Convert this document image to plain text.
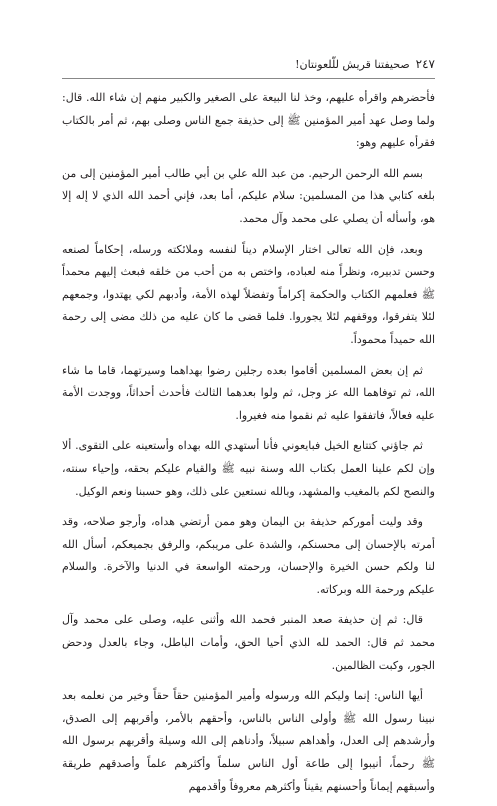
٢٤٧
صحيفتنا قريش للّلعونتان!

فأحضرهم واقرأه عليهم، وخذ لنا البيعة على الصغير والكبير منهم إن شاء الله. قال: ولما وصل عهد أمير المؤمنين ﷺ إلى حذيفة جمع الناس وصلى بهم، ثم أمر بالكتاب فقرأه عليهم وهو:

بسم الله الرحمن الرحيم. من عبد الله علي بن أبي طالب أمير المؤمنين إلى من بلغه كتابي هذا من المسلمين: سلام عليكم، أما بعد، فإني أحمد الله الذي لا إله إلا هو، وأسأله أن يصلي على محمد وآل محمد.

وبعد، فإن الله تعالى اختار الإسلام ديناً لنفسه وملائكته ورسله، إحكاماً لصنعه وحسن تدبيره، ونظراً منه لعباده، واختص به من أحب من خلقه فبعث إليهم محمداً ﷺ فعلمهم الكتاب والحكمة إكراماً وتفضلاً لهذه الأمة، وأدبهم لكي يهتدوا، وجمعهم لئلا يتفرقوا، ووقفهم لئلا يجوروا. فلما قضى ما كان عليه من ذلك مضى إلى رحمة الله حميداً محموداً.

ثم إن بعض المسلمين أقاموا بعده رجلين رضوا بهداهما وسيرتهما، قاما ما شاء الله، ثم توفاهما الله عز وجل، ثم ولوا بعدهما الثالث فأحدث أحداثاً، ووجدت الأمة عليه فعالاً، فاتفقوا عليه ثم نقموا منه فغيروا.

ثم جاؤني كتتابع الخيل فبايعوني فأنا أستهدي الله بهداه وأستعينه على التقوى. ألا وإن لكم علينا العمل بكتاب الله وسنة نبيه ﷺ والقيام عليكم بحقه، وإحياء سنته، والنصح لكم بالمغيب والمشهد، وبالله نستعين على ذلك، وهو حسبنا ونعم الوكيل.

وقد وليت أموركم حذيفة بن اليمان وهو ممن أرتضي هداه، وأرجو صلاحه، وقد أمرته بالإحسان إلى محسنكم، والشدة على مريبكم، والرفق بجميعكم، أسأل الله لنا ولكم حسن الخيرة والإحسان، ورحمته الواسعة في الدنيا والآخرة. والسلام عليكم ورحمة الله وبركاته.

قال: ثم إن حذيفة صعد المنبر فحمد الله وأثنى عليه، وصلى على محمد وآل محمد ثم قال: الحمد لله الذي أحيا الحق، وأمات الباطل، وجاء بالعدل ودحض الجور، وكبت الظالمين.

أيها الناس: إنما وليكم الله ورسوله وأمير المؤمنين حقاً حقاً وخير من نعلمه بعد نبينا رسول الله ﷺ وأولى الناس بالناس، وأحقهم بالأمر، وأقربهم إلى الصدق، وأرشدهم إلى العدل، وأهداهم سبيلاً، وأدناهم إلى الله وسيلة وأقربهم برسول الله ﷺ رحماً، أنيبوا إلى طاعة أول الناس سلماً وأكثرهم علماً وأصدقهم طريقة وأسبقهم إيماناً وأحسنهم يقيناً وأكثرهم معروفاً وأقدمهم
